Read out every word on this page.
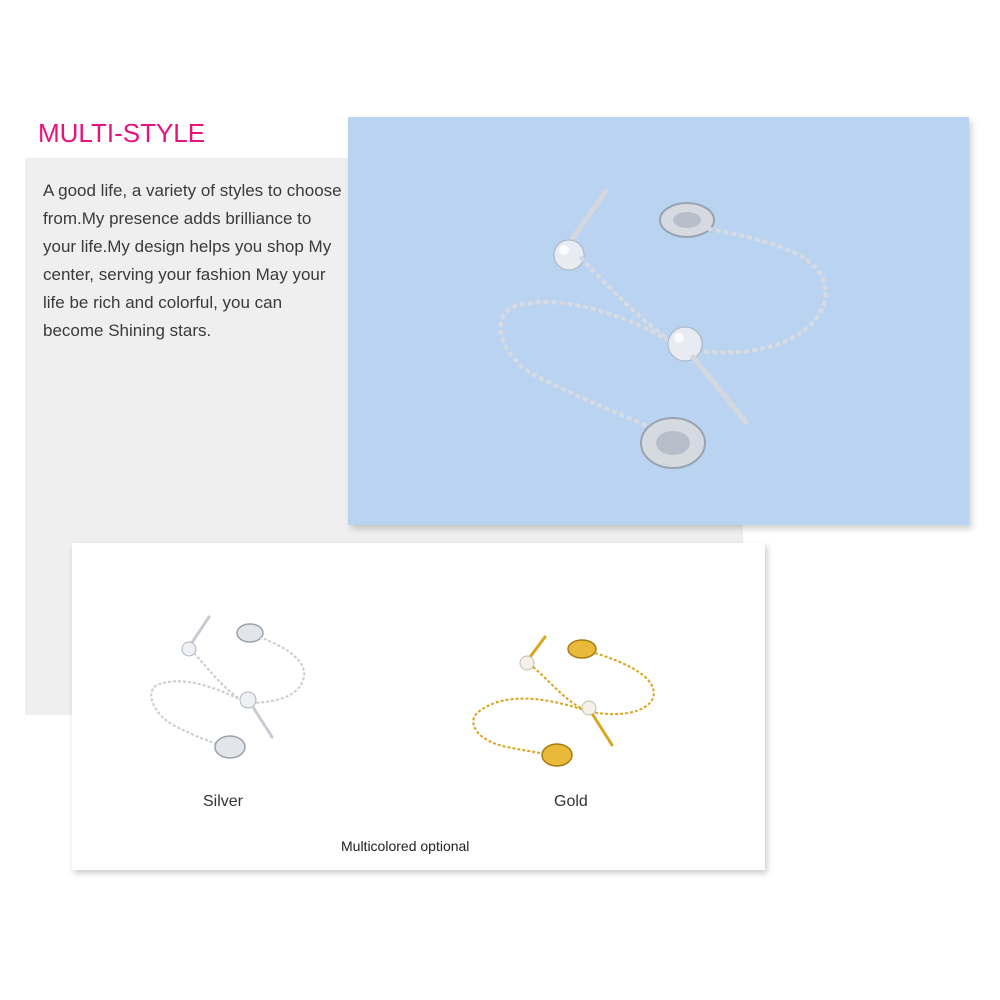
MULTI-STYLE

A good life, a variety of styles to choose from.My presence adds brilliance to your life.My design helps you shop My center, serving your fashion May your life be rich and colorful, you can become Shining stars.

Silver	Gold

Multicolored optional
